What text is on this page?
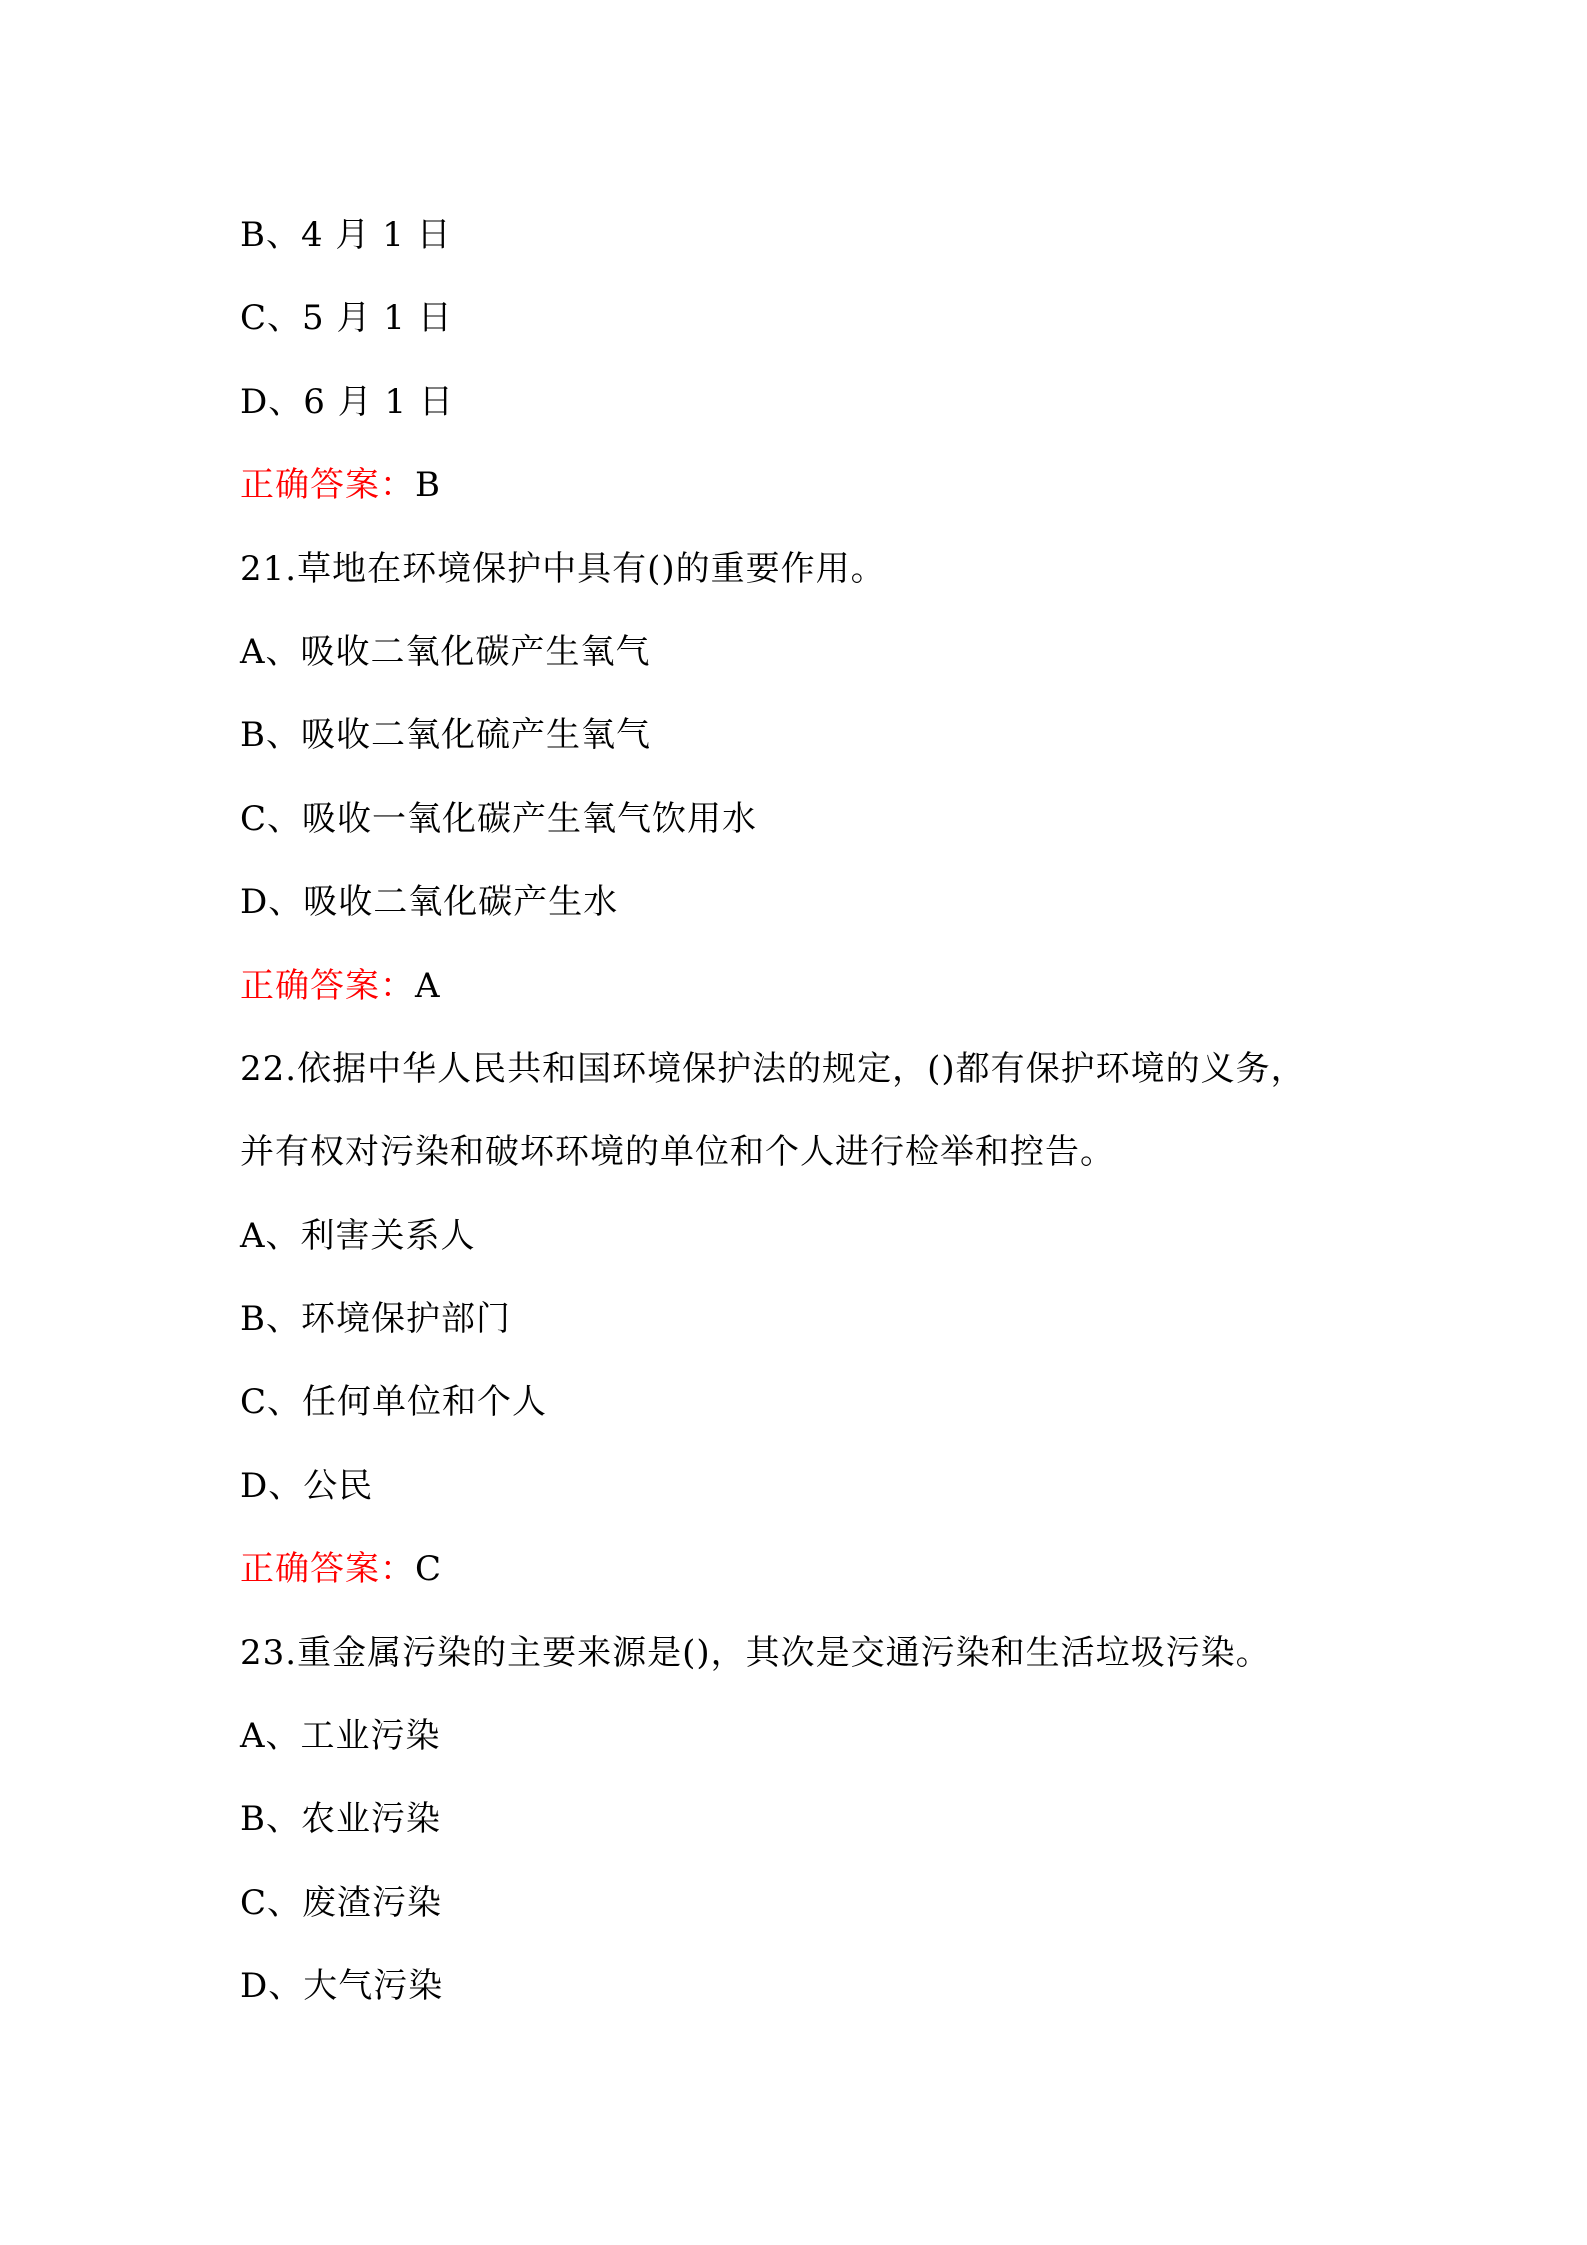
B、4 月 1 日
C、5 月 1 日
D、6 月 1 日
正确答案：B
21.草地在环境保护中具有()的重要作用。
A、吸收二氧化碳产生氧气
B、吸收二氧化硫产生氧气
C、吸收一氧化碳产生氧气饮用水
D、吸收二氧化碳产生水
正确答案：A
22.依据中华人民共和国环境保护法的规定，()都有保护环境的义务，
并有权对污染和破坏环境的单位和个人进行检举和控告。
A、利害关系人
B、环境保护部门
C、任何单位和个人
D、公民
正确答案：C
23.重金属污染的主要来源是()，其次是交通污染和生活垃圾污染。
A、工业污染
B、农业污染
C、废渣污染
D、大气污染
